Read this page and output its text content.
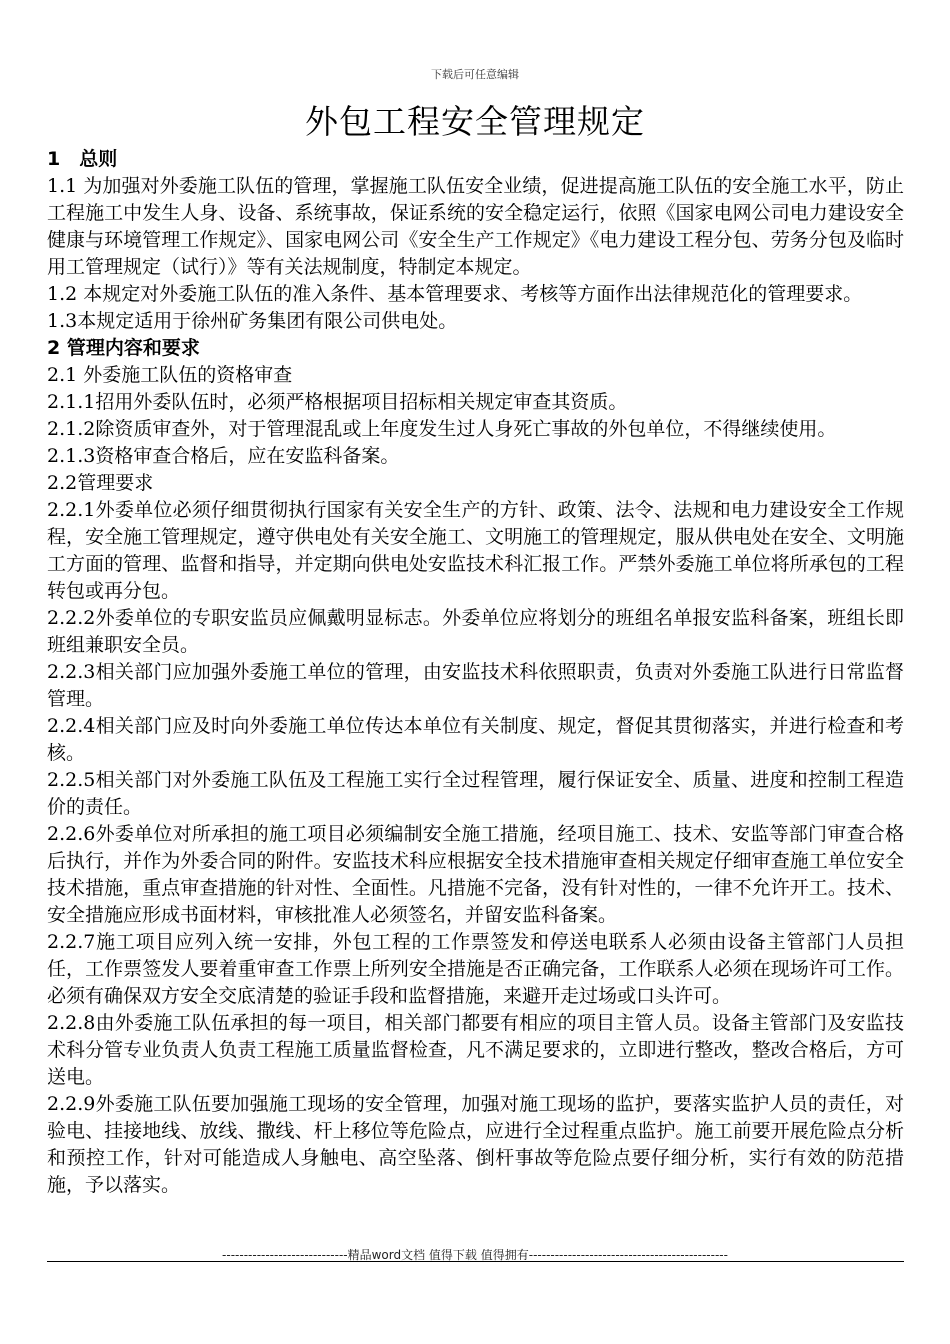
下载后可任意编辑
外包工程安全管理规定

1　总则

1.1 为加强对外委施工队伍的管理，掌握施工队伍安全业绩，促进提高施工队伍的安全施工水平，防止工程施工中发生人身、设备、系统事故，保证系统的安全稳定运行，依照《国家电网公司电力建设安全健康与环境管理工作规定》、国家电网公司《安全生产工作规定》《电力建设工程分包、劳务分包及临时用工管理规定（试行）》等有关法规制度，特制定本规定。

1.2 本规定对外委施工队伍的准入条件、基本管理要求、考核等方面作出法律规范化的管理要求。

1.3本规定适用于徐州矿务集团有限公司供电处。

2 管理内容和要求

2.1 外委施工队伍的资格审查

2.1.1招用外委队伍时，必须严格根据项目招标相关规定审查其资质。

2.1.2除资质审查外，对于管理混乱或上年度发生过人身死亡事故的外包单位，不得继续使用。

2.1.3资格审查合格后，应在安监科备案。

2.2管理要求

2.2.1外委单位必须仔细贯彻执行国家有关安全生产的方针、政策、法令、法规和电力建设安全工作规程，安全施工管理规定，遵守供电处有关安全施工、文明施工的管理规定，服从供电处在安全、文明施工方面的管理、监督和指导，并定期向供电处安监技术科汇报工作。严禁外委施工单位将所承包的工程转包或再分包。

2.2.2外委单位的专职安监员应佩戴明显标志。外委单位应将划分的班组名单报安监科备案，班组长即班组兼职安全员。

2.2.3相关部门应加强外委施工单位的管理，由安监技术科依照职责，负责对外委施工队进行日常监督管理。

2.2.4相关部门应及时向外委施工单位传达本单位有关制度、规定，督促其贯彻落实，并进行检查和考核。

2.2.5相关部门对外委施工队伍及工程施工实行全过程管理，履行保证安全、质量、进度和控制工程造价的责任。

2.2.6外委单位对所承担的施工项目必须编制安全施工措施，经项目施工、技术、安监等部门审查合格后执行，并作为外委合同的附件。安监技术科应根据安全技术措施审查相关规定仔细审查施工单位安全技术措施，重点审查措施的针对性、全面性。凡措施不完备，没有针对性的，一律不允许开工。技术、安全措施应形成书面材料，审核批准人必须签名，并留安监科备案。

2.2.7施工项目应列入统一安排，外包工程的工作票签发和停送电联系人必须由设备主管部门人员担任，工作票签发人要着重审查工作票上所列安全措施是否正确完备，工作联系人必须在现场许可工作。必须有确保双方安全交底清楚的验证手段和监督措施，来避开走过场或口头许可。

2.2.8由外委施工队伍承担的每一项目，相关部门都要有相应的项目主管人员。设备主管部门及安监技术科分管专业负责人负责工程施工质量监督检查，凡不满足要求的，立即进行整改，整改合格后，方可送电。

2.2.9外委施工队伍要加强施工现场的安全管理，加强对施工现场的监护，要落实监护人员的责任，对验电、挂接地线、放线、撒线、杆上移位等危险点，应进行全过程重点监护。施工前要开展危险点分析和预控工作，针对可能造成人身触电、高空坠落、倒杆事故等危险点要仔细分析，实行有效的防范措施，予以落实。

-----------------------------精品word文档 值得下载 值得拥有----------------------------------------------
